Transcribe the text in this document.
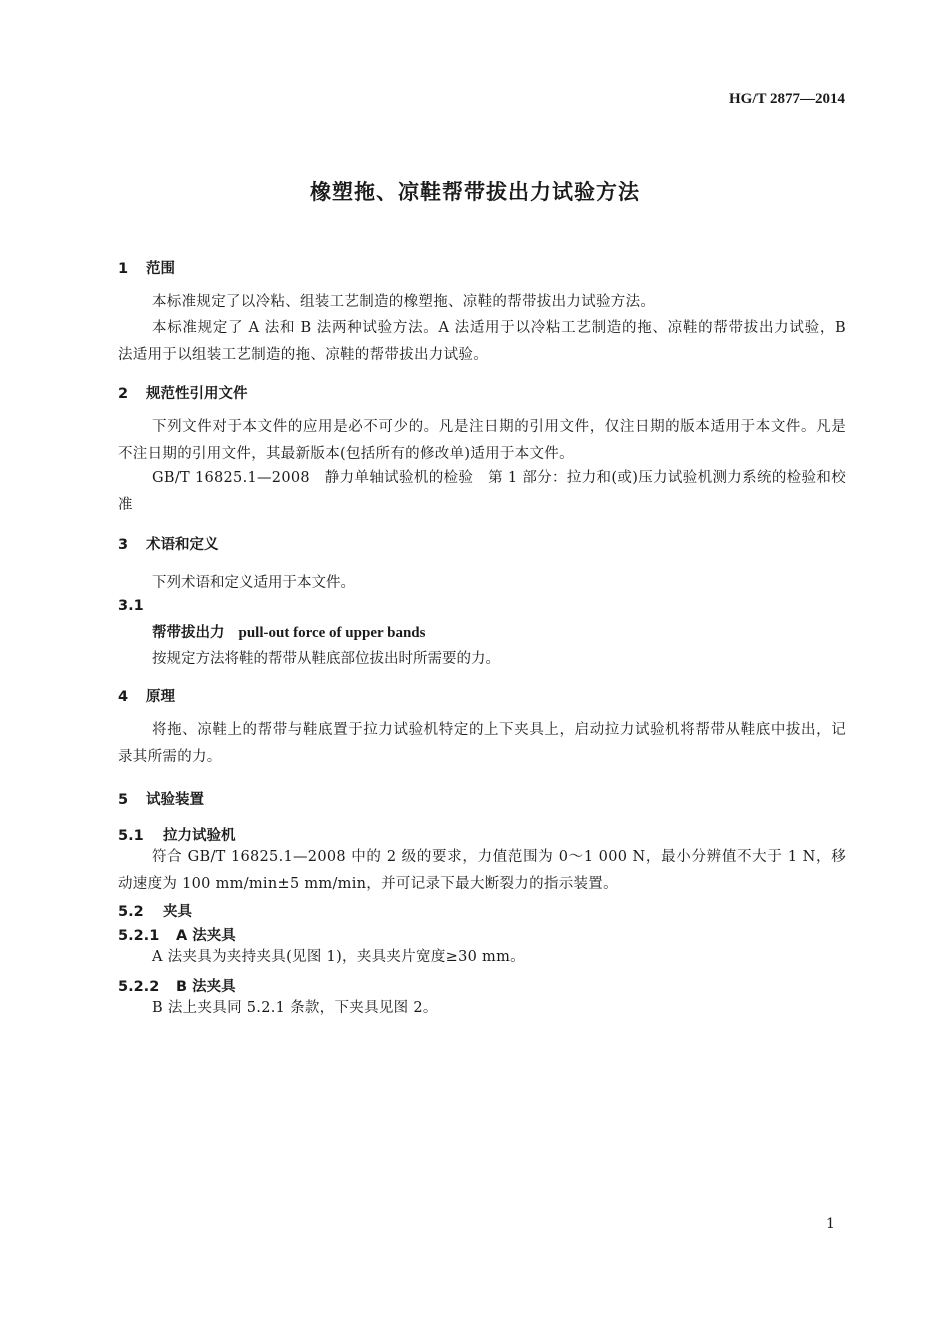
HG/T 2877—2014
橡塑拖、凉鞋帮带拔出力试验方法
1 范围
本标准规定了以冷粘、组装工艺制造的橡塑拖、凉鞋的帮带拔出力试验方法。
本标准规定了 A 法和 B 法两种试验方法。A 法适用于以冷粘工艺制造的拖、凉鞋的帮带拔出力试验，B 法适用于以组装工艺制造的拖、凉鞋的帮带拔出力试验。
2 规范性引用文件
下列文件对于本文件的应用是必不可少的。凡是注日期的引用文件，仅注日期的版本适用于本文件。凡是不注日期的引用文件，其最新版本(包括所有的修改单)适用于本文件。
GB/T 16825.1—2008　静力单轴试验机的检验　第 1 部分：拉力和(或)压力试验机测力系统的检验和校准
3 术语和定义
下列术语和定义适用于本文件。
3.1
帮带拔出力 pull-out force of upper bands
按规定方法将鞋的帮带从鞋底部位拔出时所需要的力。
4 原理
将拖、凉鞋上的帮带与鞋底置于拉力试验机特定的上下夹具上，启动拉力试验机将帮带从鞋底中拔出，记录其所需的力。
5 试验装置
5.1 拉力试验机
符合 GB/T 16825.1—2008 中的 2 级的要求，力值范围为 0～1 000 N，最小分辨值不大于 1 N，移动速度为 100 mm/min±5 mm/min，并可记录下最大断裂力的指示装置。
5.2 夹具
5.2.1 A 法夹具
A 法夹具为夹持夹具(见图 1)，夹具夹片宽度≥30 mm。
5.2.2 B 法夹具
B 法上夹具同 5.2.1 条款，下夹具见图 2。
1
